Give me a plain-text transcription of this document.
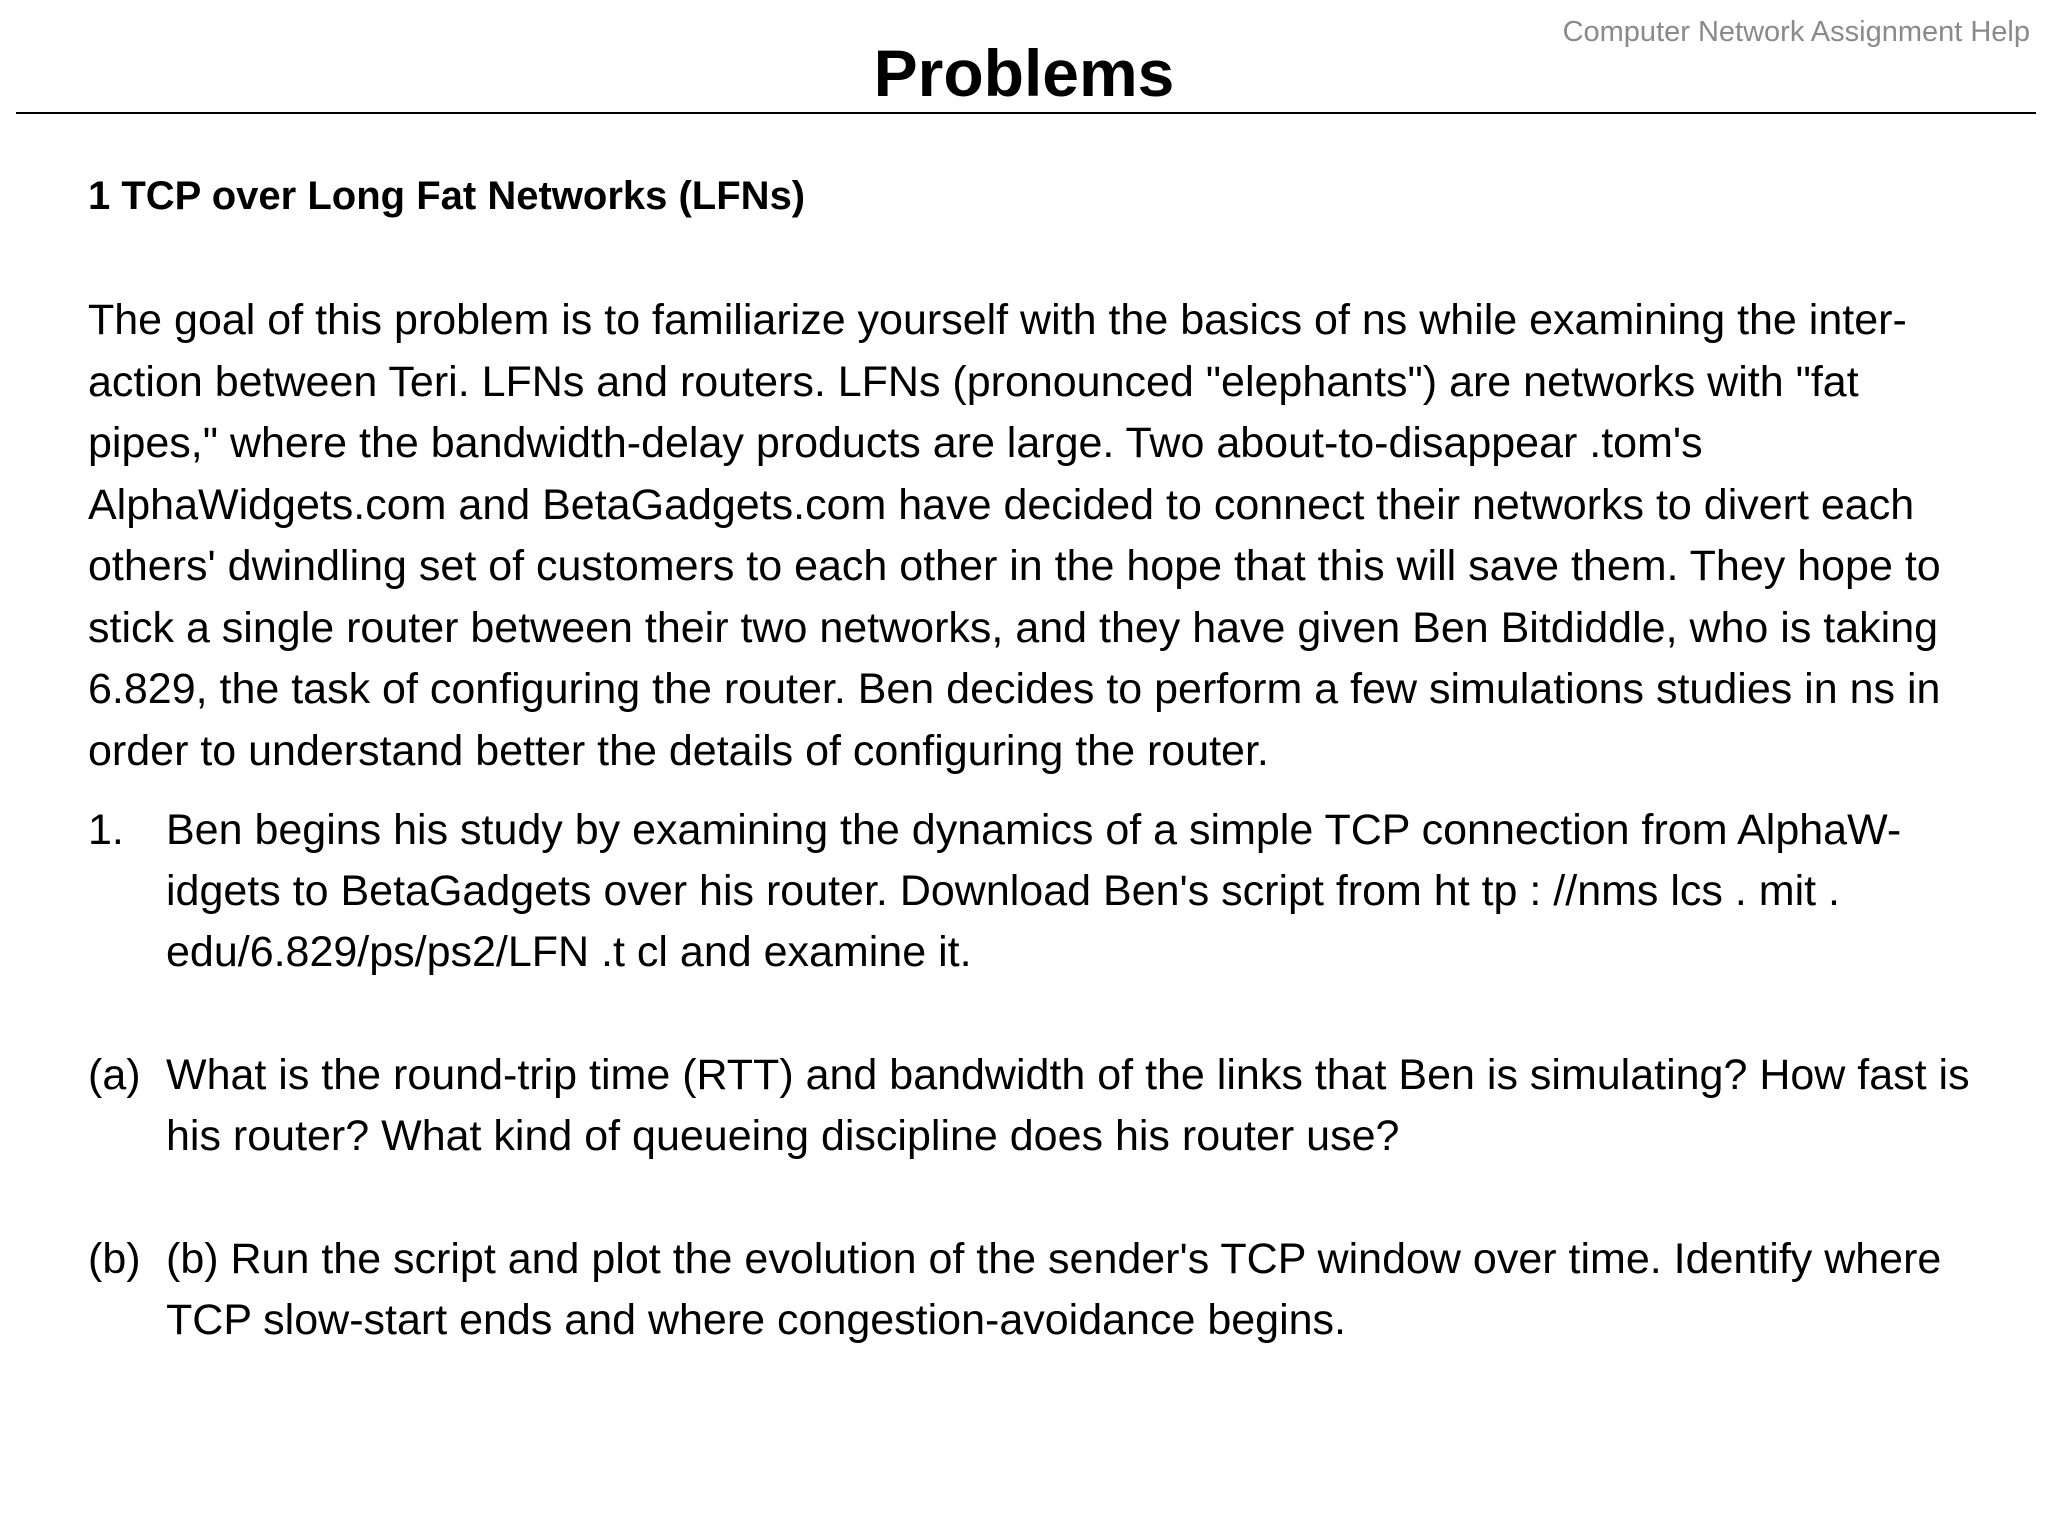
Computer Network Assignment Help
Problems
1 TCP over Long Fat Networks (LFNs)
The goal of this problem is to familiarize yourself with the basics of ns while examining the inter-action between Teri. LFNs and routers. LFNs (pronounced "elephants") are networks with "fat pipes," where the bandwidth-delay products are large. Two about-to-disappear .tom's AlphaWidgets.com and BetaGadgets.com have decided to connect their networks to divert each others' dwindling set of customers to each other in the hope that this will save them. They hope to stick a single router between their two networks, and they have given Ben Bitdiddle, who is taking 6.829, the task of configuring the router. Ben decides to perform a few simulations studies in ns in order to understand better the details of configuring the router.
1. Ben begins his study by examining the dynamics of a simple TCP connection from AlphaW-idgets to BetaGadgets over his router. Download Ben's script from ht tp : //nms lcs . mit . edu/6.829/ps/ps2/LFN .t cl and examine it.
(a) What is the round-trip time (RTT) and bandwidth of the links that Ben is simulating? How fast is his router? What kind of queueing discipline does his router use?
(b) (b) Run the script and plot the evolution of the sender's TCP window over time. Identify where TCP slow-start ends and where congestion-avoidance begins.
